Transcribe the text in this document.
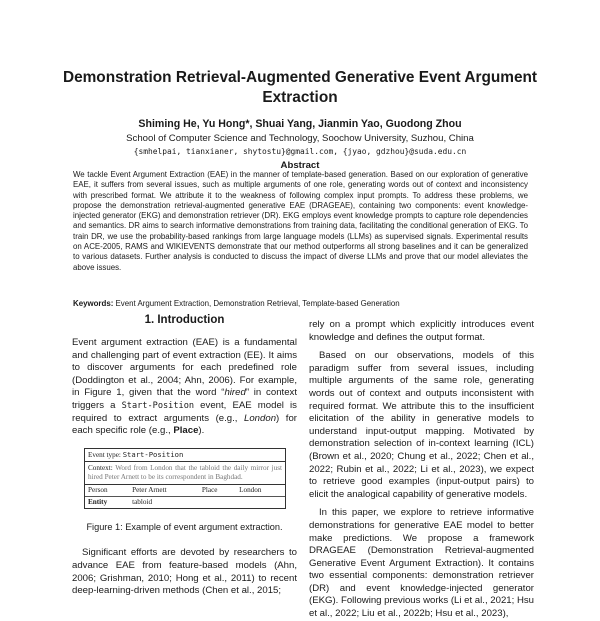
Demonstration Retrieval-Augmented Generative Event Argument
Extraction
Shiming He, Yu Hong*, Shuai Yang, Jianmin Yao, Guodong Zhou
School of Computer Science and Technology, Soochow University, Suzhou, China
{smhelpai, tianxianer, shytostu}@gmail.com, {jyao, gdzhou}@suda.edu.cn
Abstract
We tackle Event Argument Extraction (EAE) in the manner of template-based generation. Based on our exploration of generative EAE, it suffers from several issues, such as multiple arguments of one role, generating words out of context and inconsistency with prescribed format. We attribute it to the weakness of following complex input prompts. To address these problems, we propose the demonstration retrieval-augmented generative EAE (DRAGEAE), containing two components: event knowledge-injected generator (EKG) and demonstration retriever (DR). EKG employs event knowledge prompts to capture role dependencies and semantics. DR aims to search informative demonstrations from training data, facilitating the conditional generation of EKG. To train DR, we use the probability-based rankings from large language models (LLMs) as supervised signals. Experimental results on ACE-2005, RAMS and WIKIEVENTS demonstrate that our method outperforms all strong baselines and it can be generalized to various datasets. Further analysis is conducted to discuss the impact of diverse LLMs and prove that our model alleviates the above issues.
Keywords: Event Argument Extraction, Demonstration Retrieval, Template-based Generation
1. Introduction

Event argument extraction (EAE) is a fundamental and challenging part of event extraction (EE). It aims to discover arguments for each predefined role (Doddington et al., 2004; Ahn, 2006). For example, in Figure 1, given that the word “hired” in context triggers a Start-Position event, EAE model is required to extract arguments (e.g., London) for each specific role (e.g., Place).

Event type: Start-Position
Context: Word from London that the tabloid the daily mirror just hired Peter Arnett to be its correspondent in Baghdad.
Person	Peter Arnett	Place	London
Entity	tabloid		
Figure 1: Example of event argument extraction.

Significant efforts are devoted by researchers to advance EAE from feature-based models (Ahn, 2006; Grishman, 2010; Hong et al., 2011) to recent deep-learning-driven methods (Chen et al., 2015;

rely on a prompt which explicitly introduces event knowledge and defines the output format.

Based on our observations, models of this paradigm suffer from several issues, including multiple arguments of the same role, generating words out of context and outputs inconsistent with required format. We attribute this to the insufficient elicitation of the ability in generative models to understand input-output mapping. Motivated by demonstration selection of in-context learning (ICL) (Brown et al., 2020; Chung et al., 2022; Chen et al., 2022; Rubin et al., 2022; Li et al., 2023), we expect to retrieve good examples (input-output pairs) to elicit the analogical capability of generative models.

In this paper, we explore to retrieve informative demonstrations for generative EAE model to better make predictions. We propose a framework DRAGEAE (Demonstration Retrieval-augmented Generative Event Argument Extraction). It contains two essential components: demonstration retriever (DR) and event knowledge-injected generator (EKG). Following previous works (Li et al., 2021; Hsu et al., 2022; Liu et al., 2022b; Hsu et al., 2023),
